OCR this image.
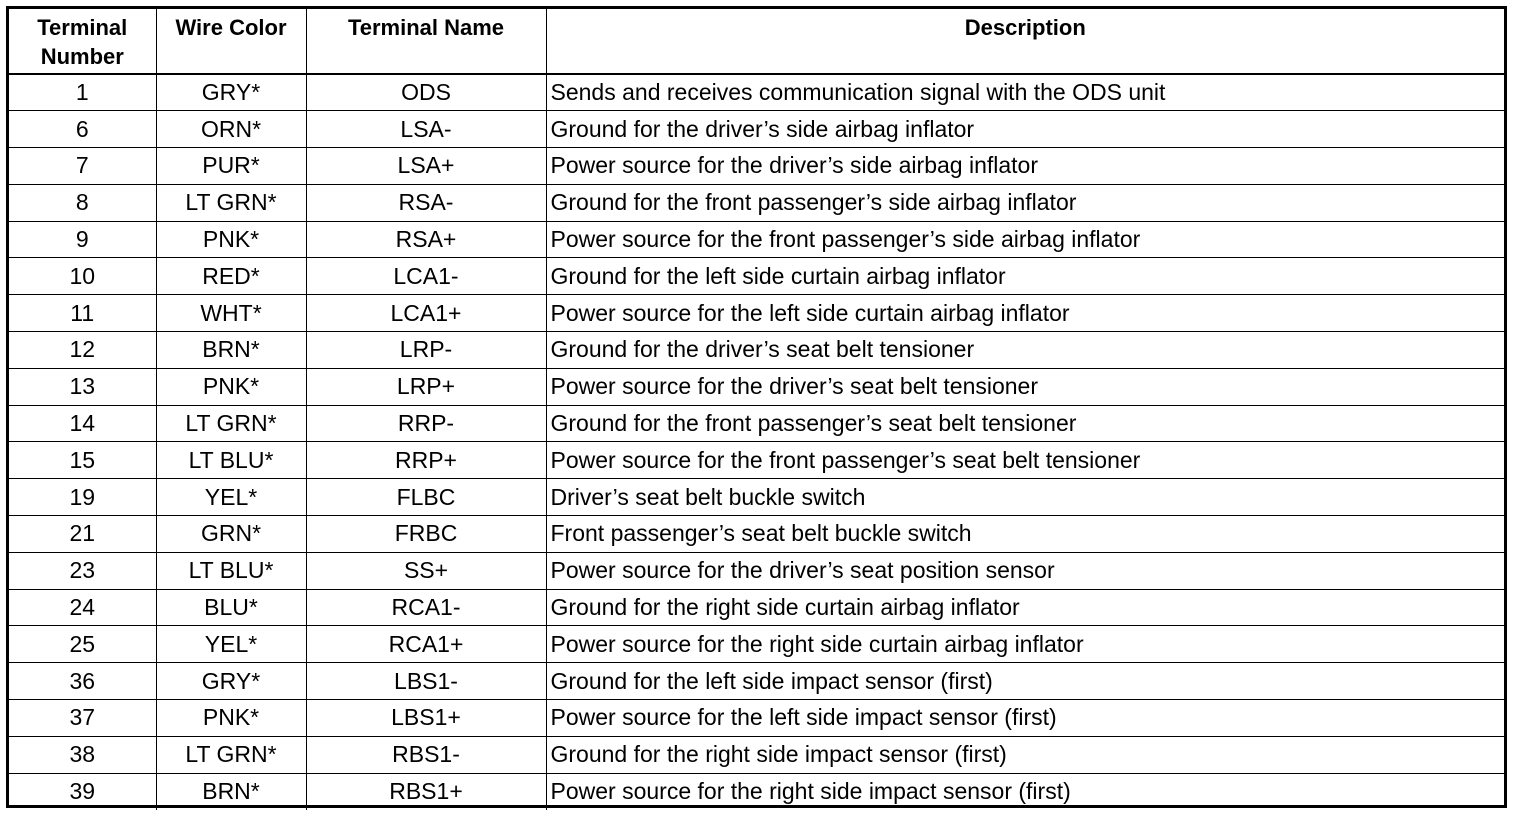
Terminal
Number	Wire Color	Terminal Name	Description
1	GRY*	ODS	Sends and receives communication signal with the ODS unit
6	ORN*	LSA-	Ground for the driver’s side airbag inflator
7	PUR*	LSA+	Power source for the driver’s side airbag inflator
8	LT GRN*	RSA-	Ground for the front passenger’s side airbag inflator
9	PNK*	RSA+	Power source for the front passenger’s side airbag inflator
10	RED*	LCA1-	Ground for the left side curtain airbag inflator
11	WHT*	LCA1+	Power source for the left side curtain airbag inflator
12	BRN*	LRP-	Ground for the driver’s seat belt tensioner
13	PNK*	LRP+	Power source for the driver’s seat belt tensioner
14	LT GRN*	RRP-	Ground for the front passenger’s seat belt tensioner
15	LT BLU*	RRP+	Power source for the front passenger’s seat belt tensioner
19	YEL*	FLBC	Driver’s seat belt buckle switch
21	GRN*	FRBC	Front passenger’s seat belt buckle switch
23	LT BLU*	SS+	Power source for the driver’s seat position sensor
24	BLU*	RCA1-	Ground for the right side curtain airbag inflator
25	YEL*	RCA1+	Power source for the right side curtain airbag inflator
36	GRY*	LBS1-	Ground for the left side impact sensor (first)
37	PNK*	LBS1+	Power source for the left side impact sensor (first)
38	LT GRN*	RBS1-	Ground for the right side impact sensor (first)
39	BRN*	RBS1+	Power source for the right side impact sensor (first)
